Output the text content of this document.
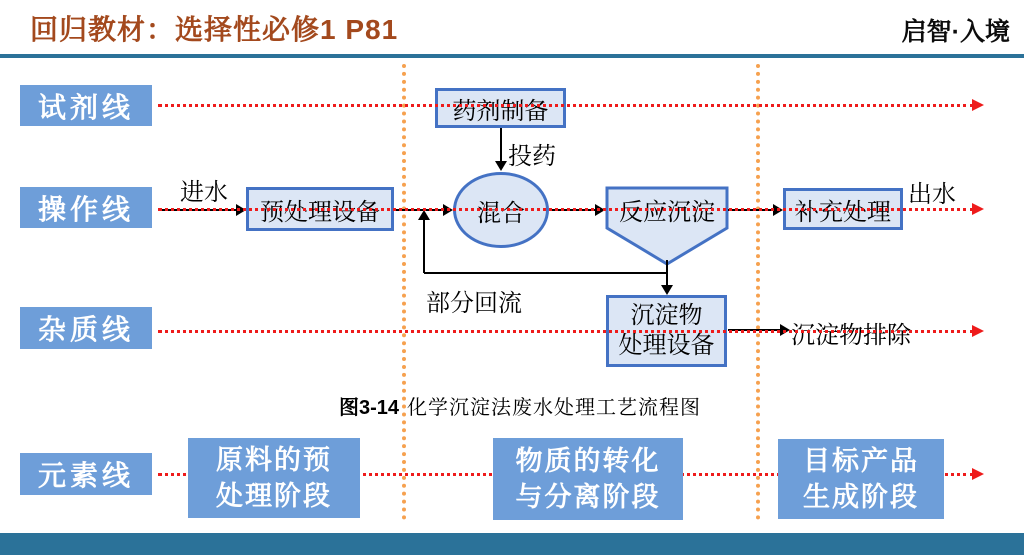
回归教材：选择性必修1 P81	启智·入境
试剂线
操作线
杂质线
元素线
预处理设备
药剂制备
混合	反应沉淀	补充处理
沉淀物
处理设备
进水	出水
投药
部分回流
沉淀物排除
图3-14 化学沉淀法废水处理工艺流程图
原料的预
处理阶段
物质的转化
与分离阶段
目标产品
生成阶段
